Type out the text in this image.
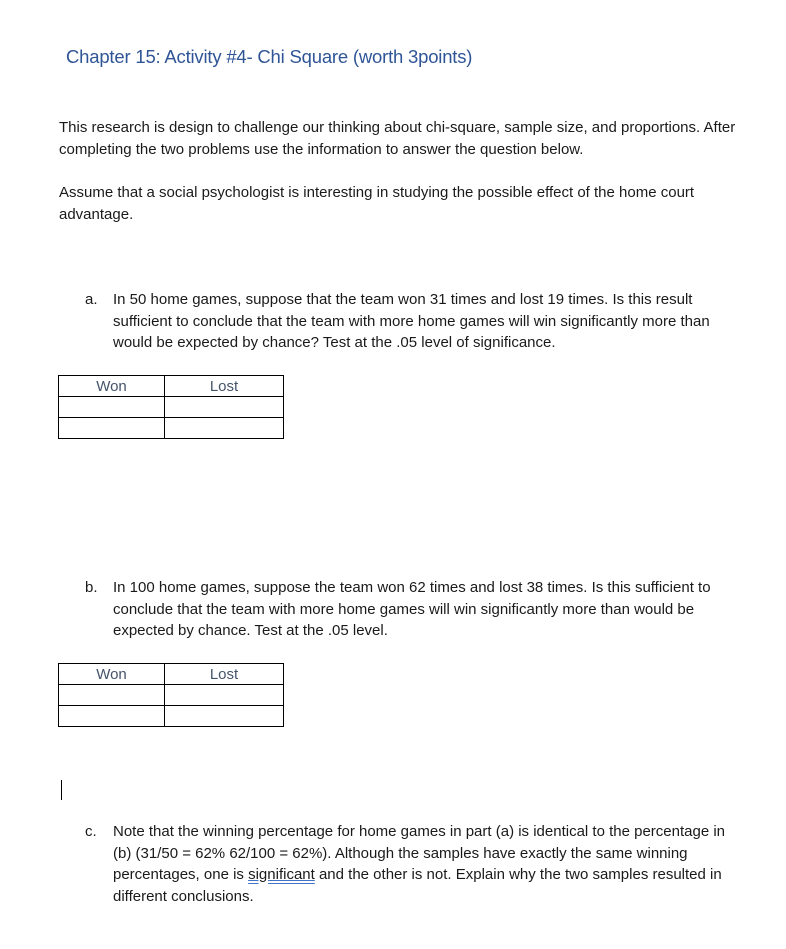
Chapter 15: Activity #4- Chi Square (worth 3points)
This research is design to challenge our thinking about chi-square, sample size, and proportions. After completing the two problems use the information to answer the question below.
Assume that a social psychologist is interesting in studying the possible effect of the home court advantage.
a. In 50 home games, suppose that the team won 31 times and lost 19 times. Is this result sufficient to conclude that the team with more home games will win significantly more than would be expected by chance? Test at the .05 level of significance.
Won	Lost

b. In 100 home games, suppose the team won 62 times and lost 38 times. Is this sufficient to conclude that the team with more home games will win significantly more than would be expected by chance. Test at the .05 level.
Won	Lost

c. Note that the winning percentage for home games in part (a) is identical to the percentage in (b) (31/50 = 62% 62/100 = 62%). Although the samples have exactly the same winning percentages, one is significant and the other is not. Explain why the two samples resulted in different conclusions.
